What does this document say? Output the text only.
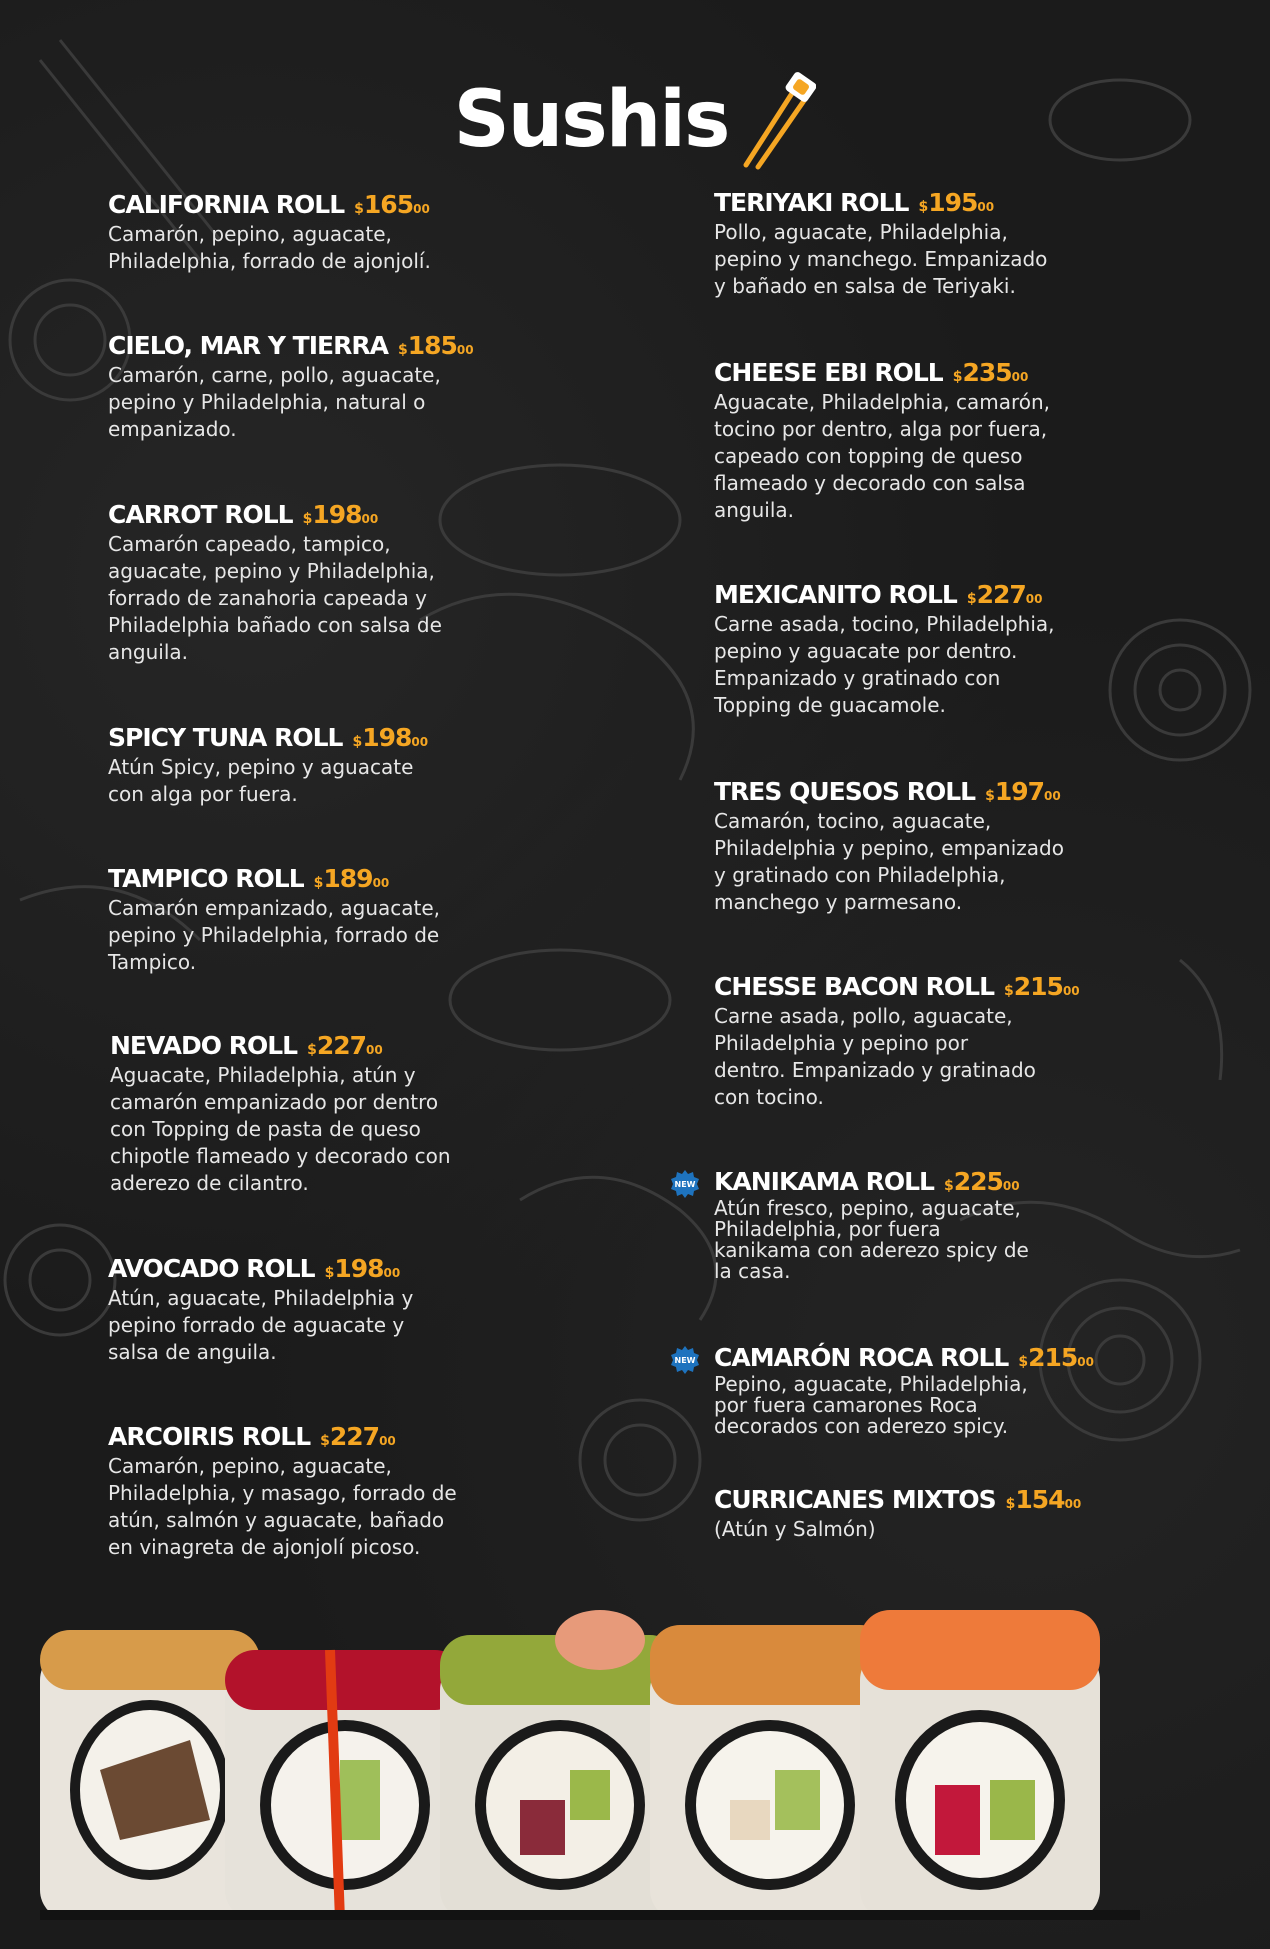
Sushis
CALIFORNIA ROLL $ 165 00
Camarón, pepino, aguacate,
Philadelphia, forrado de ajonjolí.
CIELO, MAR Y TIERRA $ 185 00
Camarón, carne, pollo, aguacate,
pepino y Philadelphia, natural o
empanizado.
CARROT ROLL $ 198 00
Camarón capeado, tampico,
aguacate, pepino y Philadelphia,
forrado de zanahoria capeada y
Philadelphia bañado con salsa de
anguila.
SPICY TUNA ROLL $ 198 00
Atún Spicy, pepino y aguacate
con alga por fuera.
TAMPICO ROLL $ 189 00
Camarón empanizado, aguacate,
pepino y Philadelphia, forrado de
Tampico.
NEVADO ROLL $ 227 00
Aguacate, Philadelphia, atún y
camarón empanizado por dentro
con Topping de pasta de queso
chipotle flameado y decorado con
aderezo de cilantro.
AVOCADO ROLL $ 198 00
Atún, aguacate, Philadelphia y
pepino forrado de aguacate y
salsa de anguila.
ARCOIRIS ROLL $ 227 00
Camarón, pepino, aguacate,
Philadelphia, y masago, forrado de
atún, salmón y aguacate, bañado
en vinagreta de ajonjolí picoso.
TERIYAKI ROLL $ 195 00
Pollo, aguacate, Philadelphia,
pepino y manchego. Empanizado
y bañado en salsa de Teriyaki.
CHEESE EBI ROLL $ 235 00
Aguacate, Philadelphia, camarón,
tocino por dentro, alga por fuera,
capeado con topping de queso
flameado y decorado con salsa
anguila.
MEXICANITO ROLL $ 227 00
Carne asada, tocino, Philadelphia,
pepino y aguacate por dentro.
Empanizado y gratinado con
Topping de guacamole.
TRES QUESOS ROLL $ 197 00
Camarón, tocino, aguacate,
Philadelphia y pepino, empanizado
y gratinado con Philadelphia,
manchego y parmesano.
CHESSE BACON ROLL $ 215 00
Carne asada, pollo, aguacate,
Philadelphia y pepino por
dentro. Empanizado y gratinado
con tocino.
NEW KANIKAMA ROLL $ 225 00
Atún fresco, pepino, aguacate,
Philadelphia, por fuera
kanikama con aderezo spicy de
la casa.
NEW CAMARÓN ROCA ROLL $ 215 00
Pepino, aguacate, Philadelphia,
por fuera camarones Roca
decorados con aderezo spicy.
CURRICANES MIXTOS $ 154 00
(Atún y Salmón)
